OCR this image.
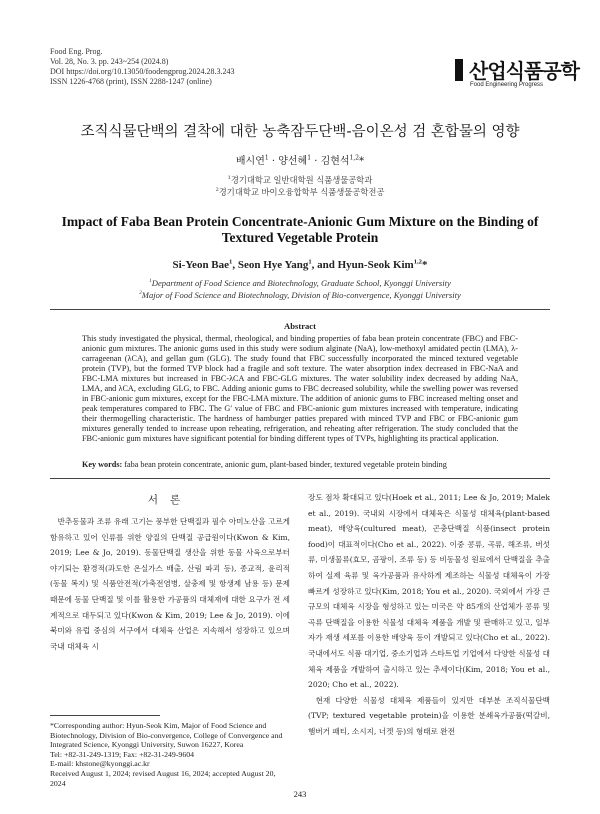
Food Eng. Prog.
Vol. 28, No. 3. pp. 243~254 (2024.8)
DOI https://doi.org/10.13050/foodengprog.2024.28.3.243
ISSN 1226-4768 (print), ISSN 2288-1247 (online)	산업식품공학
Food Engineering Progress
조직식물단백의 결착에 대한 농축잠두단백-음이온성 검 혼합물의 영향
배시연$^1$ · 양선혜$^1$ · 김현석$^{1,2}$*
$^1$경기대학교 일반대학원 식품생물공학과
$^2$경기대학교 바이오융합학부 식품생물공학전공
Impact of Faba Bean Protein Concentrate-Anionic Gum Mixture on the Binding of Textured Vegetable Protein
Si-Yeon Bae$^1$, Seon Hye Yang$^1$, and Hyun-Seok Kim$^{1,2}$*
$^1$Department of Food Science and Biotechnology, Graduate School, Kyonggi University
$^2$Major of Food Science and Biotechnology, Division of Bio-convergence, Kyonggi University
Abstract
This study investigated the physical, thermal, rheological, and binding properties of faba bean protein concentrate (FBC) and FBC-anionic gum mixtures. The anionic gums used in this study were sodium alginate (NaA), low-methoxyl amidated pectin (LMA), λ-carrageenan (λCA), and gellan gum (GLG). The study found that FBC successfully incorporated the minced textured vegetable protein (TVP), but the formed TVP block had a fragile and soft texture. The water absorption index decreased in FBC-NaA and FBC-LMA mixtures but increased in FBC-λCA and FBC-GLG mixtures. The water solubility index decreased by adding NaA, LMA, and λCA, excluding GLG, to FBC. Adding anionic gums to FBC decreased solubility, while the swelling power was reversed in FBC-anionic gum mixtures, except for the FBC-LMA mixture. The addition of anionic gums to FBC increased melting onset and peak temperatures compared to FBC. The G′ value of FBC and FBC-anionic gum mixtures increased with temperature, indicating their thermogelling characteristic. The hardness of hamburger patties prepared with minced TVP and FBC or FBC-anionic gum mixtures generally tended to increase upon reheating, refrigeration, and reheating after refrigeration. The study concluded that the FBC-anionic gum mixtures have significant potential for binding different types of TVPs, highlighting its practical application.
Key words: faba bean protein concentrate, anionic gum, plant-based binder, textured vegetable protein binding
서론

반추동물과 조류 유래 고기는 풍부한 단백질과 필수 아미노산을 고르게 함유하고 있어 인류를 위한 양질의 단백질 공급원이다(Kwon & Kim, 2019; Lee & Jo, 2019). 동물단백질 생산을 위한 동물 사육으로부터 야기되는 환경적(과도한 온실가스 배출, 산림 파괴 등), 종교적, 윤리적(동물 복지) 및 식품안전적(가축전염병, 살충제 및 항생제 남용 등) 문제 때문에 동물 단백질 및 이를 활용한 가공품의 대체재에 대한 요구가 전 세계적으로 대두되고 있다(Kwon & Kim, 2019; Lee & Jo, 2019). 이에 북미와 유럽 중심의 서구에서 대체육 산업은 지속해서 성장하고 있으며 국내 대체육 시

장도 점차 확대되고 있다(Hoek et al., 2011; Lee & Jo, 2019; Malek et al., 2019). 국내외 시장에서 대체육은 식물성 대체육(plant-based meat), 배양육(cultured meat), 곤충단백질 식품(insect protein food)이 대표적이다(Cho et al., 2022). 이중 콩류, 곡류, 해조류, 버섯류, 미생물류(효모, 곰팡이, 조류 등) 등 비동물성 원료에서 단백질을 추출하여 실제 육류 및 육가공품과 유사하게 제조하는 식물성 대체육이 가장 빠르게 성장하고 있다(Kim, 2018; You et al., 2020). 국외에서 가장 큰 규모의 대체육 시장을 형성하고 있는 미국은 약 85개의 산업체가 콩류 및 곡류 단백질을 이용한 식물성 대체육 제품을 개발 및 판매하고 있고, 일부 자가 재생 세포를 이용한 배양육 등이 개발되고 있다(Cho et al., 2022). 국내에서도 식품 대기업, 중소기업과 스타트업 기업에서 다양한 식물성 대체육 제품을 개발하여 출시하고 있는 추세이다(Kim, 2018; You et al., 2020; Cho et al., 2022).

현재 다양한 식물성 대체육 제품들이 있지만 대부분 조직식물단백(TVP; textured vegetable protein)을 이용한 분쇄육가공품(떡갈비, 햄버거 패티, 소시지, 너겟 등)의 형태로 완전

*Corresponding author: Hyun-Seok Kim, Major of Food Science and Biotechnology, Division of Bio-convergence, College of Convergence and Integrated Science, Kyonggi University, Suwon 16227, Korea
Tel: +82-31-249-1319; Fax: +82-31-249-9604
E-mail: khstone@kyonggi.ac.kr
Received August 1, 2024; revised August 16, 2024; accepted August 20, 2024
243
